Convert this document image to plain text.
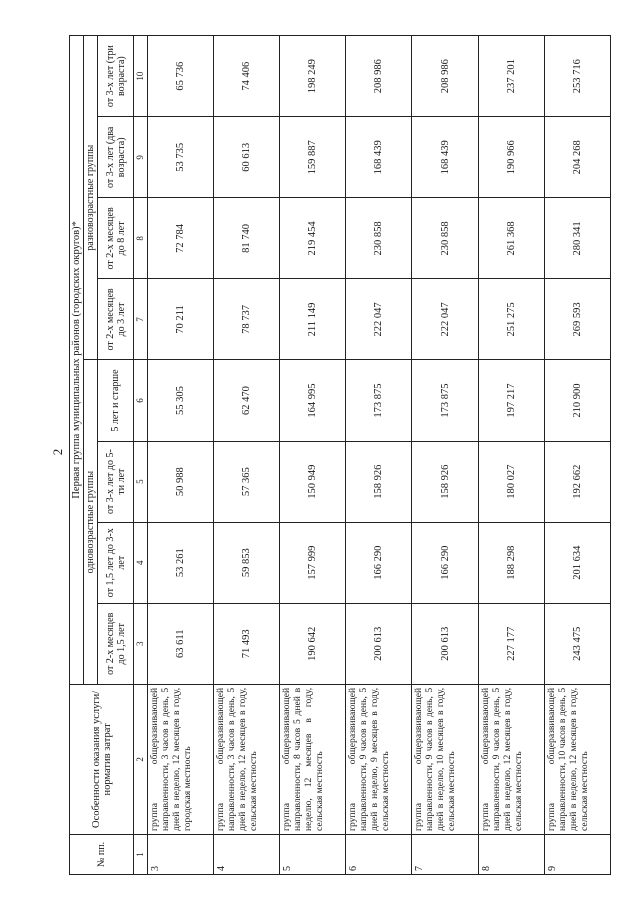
2
№ пп.	Особенности оказания услуги/норматив затрат	Первая группа муниципальных районов (городских округов)*							
		одновозрастные группы				разновозрастные группы			
		от 2-х месяцев до 1,5 лет	от 1,5 лет до 3-х лет	от 3-х лет до 5-ти лет	5 лет и старше	от 2-х месяцев до 3 лет	от 2-х месяцев до 8 лет	от 3-х лет (два возраста)	от 3-х лет (три возраста)
1	2	3	4	5	6	7	8	9	10
3	группа общеразвивающей направленности, 3 часов в день, 5 дней в неделю, 12 месяцев в году, городская местность	63 611	53 261	50 988	55 305	70 211	72 784	53 735	65 736
4	группа общеразвивающей направленности, 3 часов в день, 5 дней в неделю, 12 месяцев в году, сельская местность	71 493	59 853	57 365	62 470	78 737	81 740	60 613	74 406
5	группа общеразвивающей направленности, 8 часов 5 дней в неделю, 12 месяцев в году, сельская местность	190 642	157 999	150 949	164 995	211 149	219 454	159 887	198 249
6	группа общеразвивающей направленности, 9 часов в день, 5 дней в неделю, 9 месяцев в году, сельская местность	200 613	166 290	158 926	173 875	222 047	230 858	168 439	208 986
7	группа общеразвивающей направленности, 9 часов в день, 5 дней в неделю, 10 месяцев в году, сельская местность	200 613	166 290	158 926	173 875	222 047	230 858	168 439	208 986
8	группа общеразвивающей направленности, 9 часов в день, 5 дней в неделю, 12 месяцев в году, сельская местность	227 177	188 298	180 027	197 217	251 275	261 368	190 966	237 201
9	группа общеразвивающей направленности, 10 часов в день, 5 дней в неделю, 12 месяцев в году, сельская местность	243 475	201 634	192 662	210 900	269 593	280 341	204 268	253 716
